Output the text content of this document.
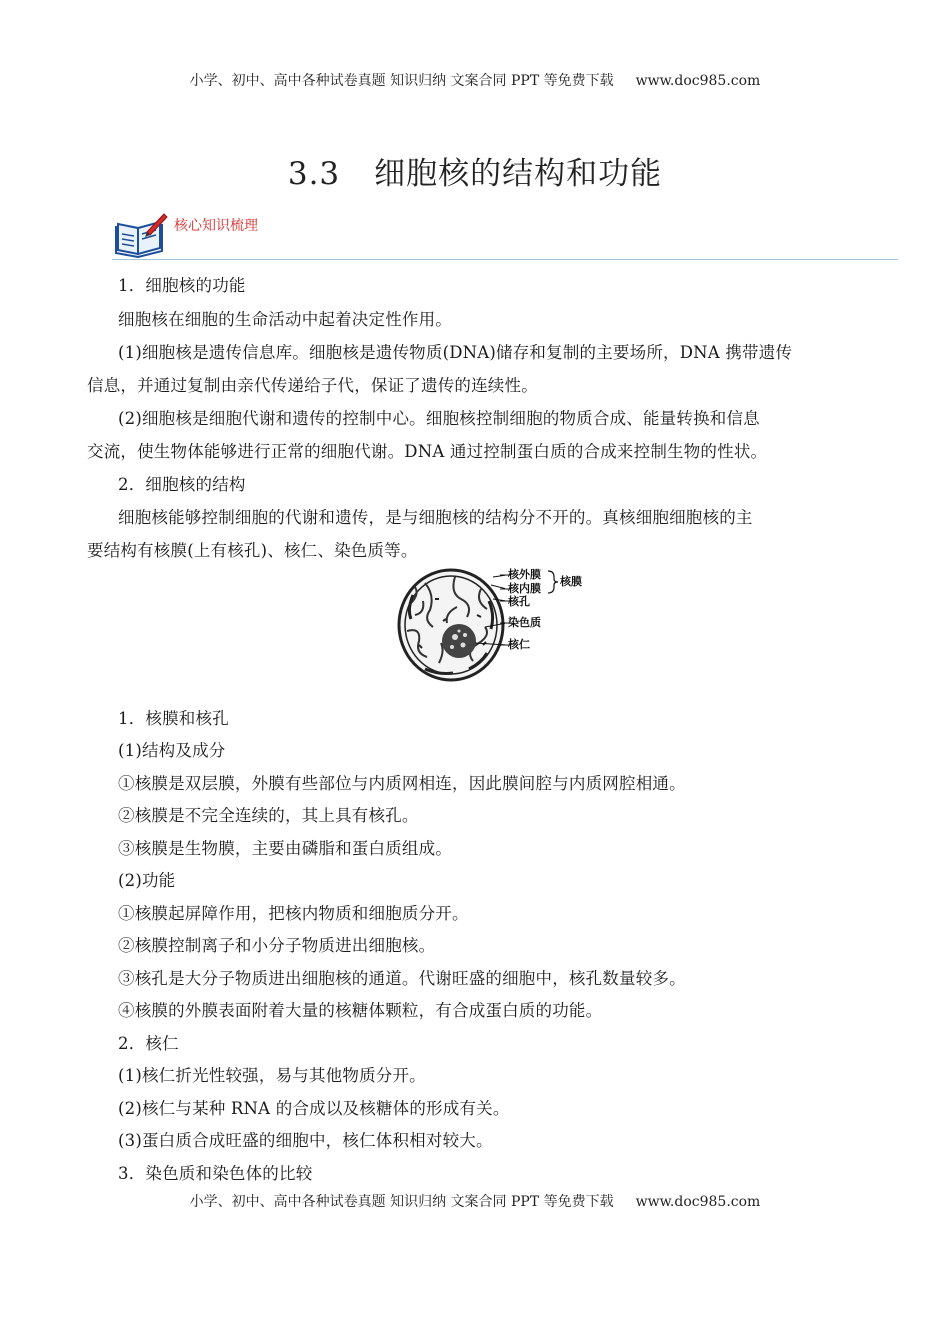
小学、初中、高中各种试卷真题 知识归纳 文案合同 PPT 等免费下载 www.doc985.com
3.3 细胞核的结构和功能
核心知识梳理
1．细胞核的功能
细胞核在细胞的生命活动中起着决定性作用。
(1)细胞核是遗传信息库。细胞核是遗传物质(DNA)储存和复制的主要场所，DNA 携带遗传
信息，并通过复制由亲代传递给子代，保证了遗传的连续性。
(2)细胞核是细胞代谢和遗传的控制中心。细胞核控制细胞的物质合成、能量转换和信息
交流，使生物体能够进行正常的细胞代谢。DNA 通过控制蛋白质的合成来控制生物的性状。
2．细胞核的结构
细胞核能够控制细胞的代谢和遗传，是与细胞核的结构分不开的。真核细胞细胞核的主
要结构有核膜(上有核孔)、核仁、染色质等。
核外膜
核内膜
核孔
核膜
染色质
核仁
1．核膜和核孔
(1)结构及成分
①核膜是双层膜，外膜有些部位与内质网相连，因此膜间腔与内质网腔相通。
②核膜是不完全连续的，其上具有核孔。
③核膜是生物膜，主要由磷脂和蛋白质组成。
(2)功能
①核膜起屏障作用，把核内物质和细胞质分开。
②核膜控制离子和小分子物质进出细胞核。
③核孔是大分子物质进出细胞核的通道。代谢旺盛的细胞中，核孔数量较多。
④核膜的外膜表面附着大量的核糖体颗粒，有合成蛋白质的功能。
2．核仁
(1)核仁折光性较强，易与其他物质分开。
(2)核仁与某种 RNA 的合成以及核糖体的形成有关。
(3)蛋白质合成旺盛的细胞中，核仁体积相对较大。
3．染色质和染色体的比较
小学、初中、高中各种试卷真题 知识归纳 文案合同 PPT 等免费下载 www.doc985.com
